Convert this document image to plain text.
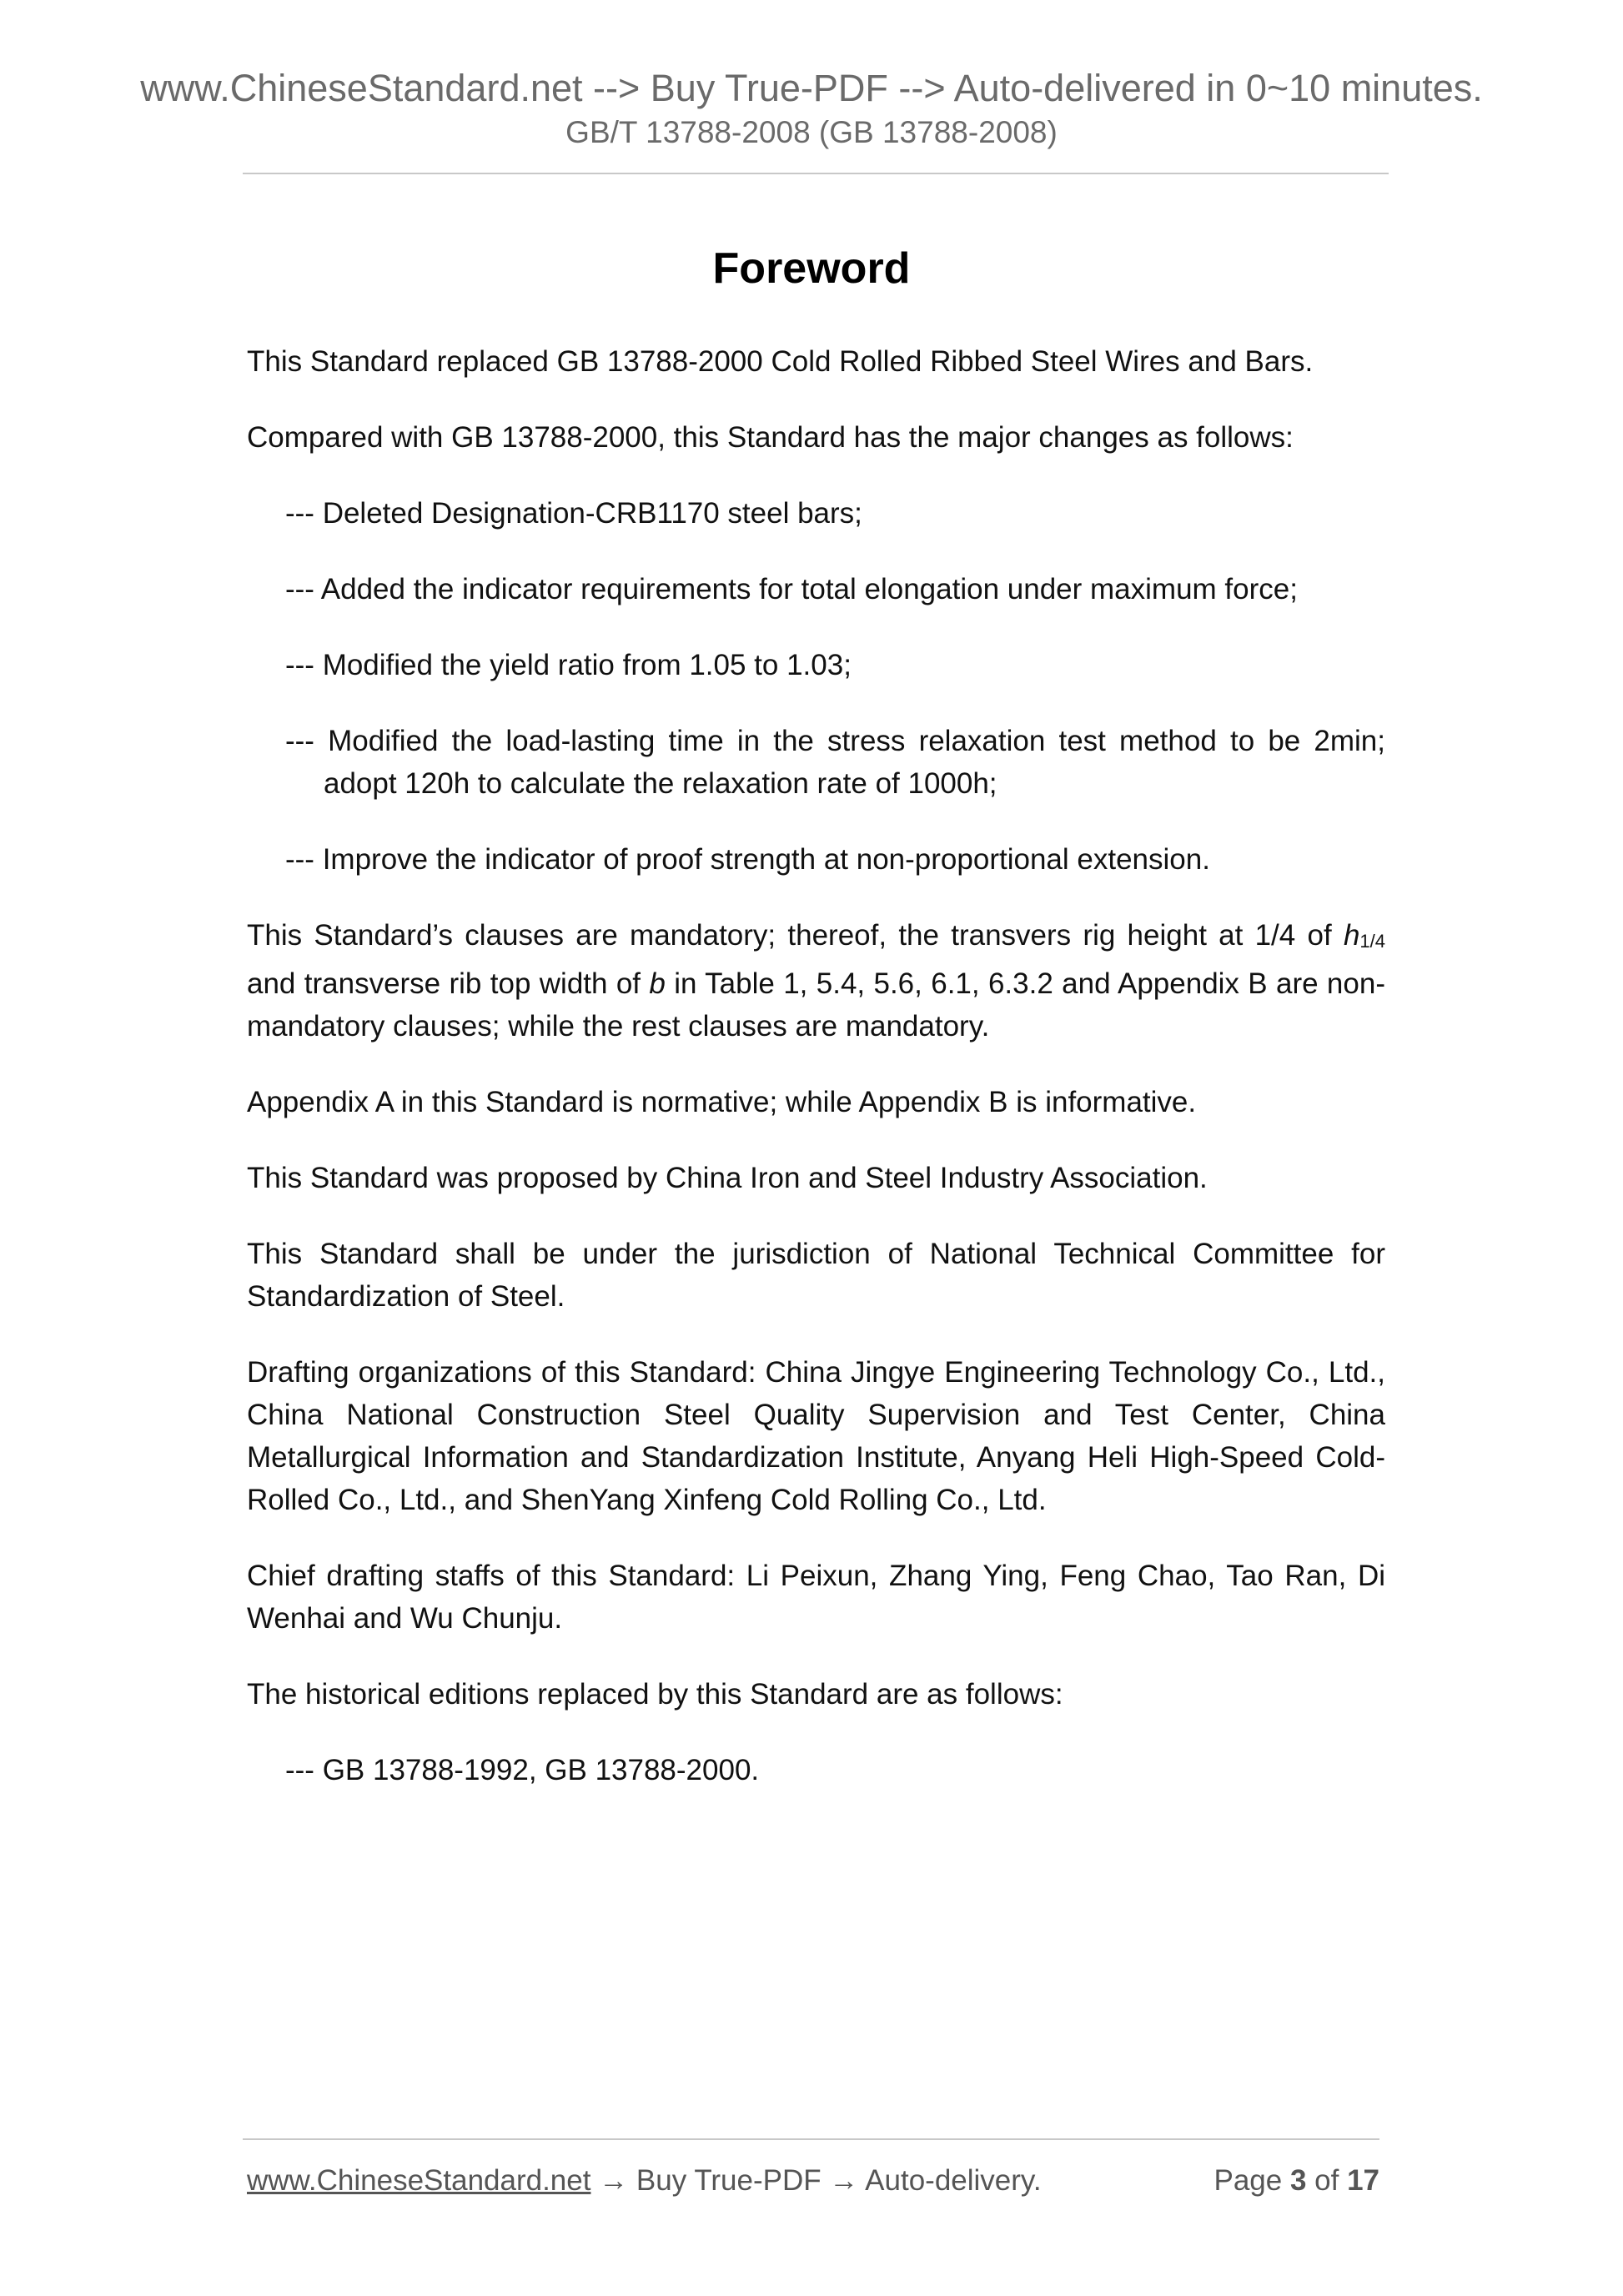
www.ChineseStandard.net --> Buy True-PDF --> Auto-delivered in 0~10 minutes.
GB/T 13788-2008 (GB 13788-2008)
Foreword

This Standard replaced GB 13788-2000 Cold Rolled Ribbed Steel Wires and Bars.

Compared with GB 13788-2000, this Standard has the major changes as follows:

--- Deleted Designation-CRB1170 steel bars;

--- Added the indicator requirements for total elongation under maximum force;

--- Modified the yield ratio from 1.05 to 1.03;

--- Modified the load-lasting time in the stress relaxation test method to be 2min; adopt 120h to calculate the relaxation rate of 1000h;

--- Improve the indicator of proof strength at non-proportional extension.

This Standard’s clauses are mandatory; thereof, the transvers rig height at 1/4 of h1/4 and transverse rib top width of b in Table 1, 5.4, 5.6, 6.1, 6.3.2 and Appendix B are non-mandatory clauses; while the rest clauses are mandatory.

Appendix A in this Standard is normative; while Appendix B is informative.

This Standard was proposed by China Iron and Steel Industry Association.

This Standard shall be under the jurisdiction of National Technical Committee for Standardization of Steel.

Drafting organizations of this Standard: China Jingye Engineering Technology Co., Ltd., China National Construction Steel Quality Supervision and Test Center, China Metallurgical Information and Standardization Institute, Anyang Heli High-Speed Cold-Rolled Co., Ltd., and ShenYang Xinfeng Cold Rolling Co., Ltd.

Chief drafting staffs of this Standard: Li Peixun, Zhang Ying, Feng Chao, Tao Ran, Di Wenhai and Wu Chunju.

The historical editions replaced by this Standard are as follows:

--- GB 13788-1992, GB 13788-2000.

www.ChineseStandard.net → Buy True-PDF → Auto-delivery.	Page 3 of 17
